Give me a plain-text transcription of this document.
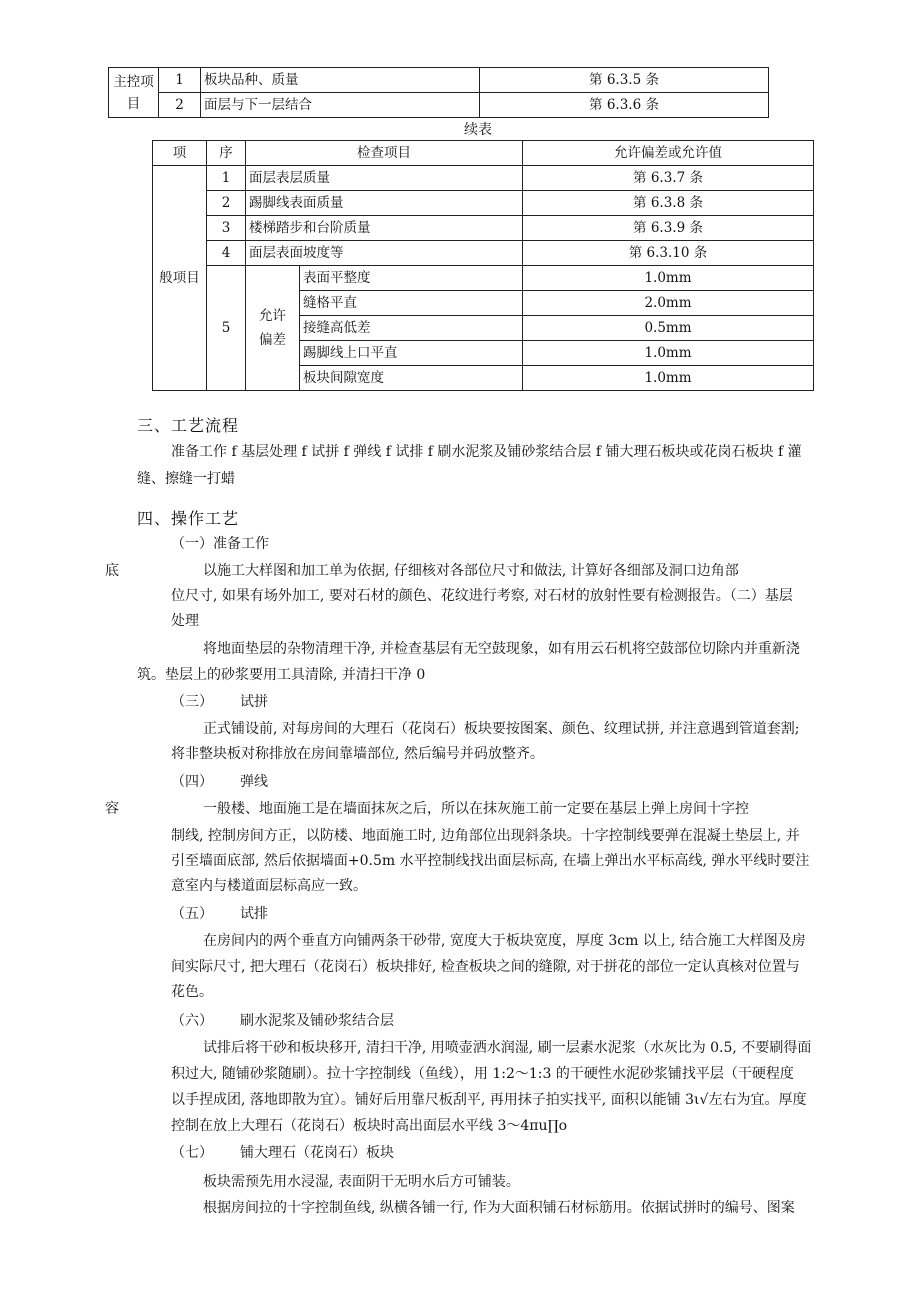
主控项目	1	板块品种、质量	第 6.3.5 条
	2	面层与下一层结合	第 6.3.6 条
续表
项	序	检查项目		允许偏差或允许值
般项目	1	面层表层质量		第 6.3.7 条
	2	踢脚线表面质量		第 6.3.8 条
	3	楼梯踏步和台阶质量		第 6.3.9 条
	4	面层表面坡度等		第 6.3.10 条
	5	允许偏差	表面平整度	1.0mm
			缝格平直	2.0mm
			接缝高低差	0.5mm
			踢脚线上口平直	1.0mm
			板块间隙宽度	1.0mm
三、工艺流程
准备工作 f 基层处理 f 试拼 f 弹线 f 试排 f 刷水泥浆及铺砂浆结合层 f 铺大理石板块或花岗石板块 f 灌
缝、擦缝一打蜡
四、操作工艺
（一）准备工作
底	以施工大样图和加工单为依据, 仔细核对各部位尺寸和做法, 计算好各细部及洞口边角部
位尺寸, 如果有场外加工, 要对石材的颜色、花纹进行考察, 对石材的放射性要有检测报告。（二）基层
处理
将地面垫层的杂物清理干净, 并检查基层有无空鼓现象，如有用云石机将空鼓部位切除内并重新浇
筑。垫层上的砂浆要用工具清除, 并清扫干净 0
（三） 试拼
正式铺设前, 对每房间的大理石（花岗石）板块要按图案、颜色、纹理试拼, 并注意遇到管道套割;
将非整块板对称排放在房间靠墙部位, 然后编号并码放整齐。
（四） 弹线
容	一般楼、地面施工是在墙面抹灰之后，所以在抹灰施工前一定要在基层上弹上房间十字控
制线, 控制房间方正，以防楼、地面施工时, 边角部位出现斜条块。十字控制线要弹在混凝土垫层上, 并
引至墙面底部, 然后依据墙面+0.5m 水平控制线找出面层标高, 在墙上弹出水平标高线, 弹水平线时要注
意室内与楼道面层标高应一致。
（五） 试排
在房间内的两个垂直方向铺两条干砂带, 宽度大于板块宽度，厚度 3cm 以上, 结合施工大样图及房
间实际尺寸, 把大理石（花岗石）板块排好, 检查板块之间的缝隙, 对于拼花的部位一定认真核对位置与
花色。
（六） 刷水泥浆及铺砂浆结合层
试排后将干砂和板块移开, 清扫干净, 用喷壶洒水润湿, 刷一层素水泥浆（水灰比为 0.5, 不要刷得面
积过大, 随铺砂浆随刷）。拉十字控制线（鱼线），用 1:2～1:3 的干硬性水泥砂浆铺找平层（干硬程度
以手捏成团, 落地即散为宜）。铺好后用靠尺板刮平, 再用抹子拍实找平, 面积以能铺 3ι√左右为宜。厚度
控制在放上大理石（花岗石）板块时高出面层水平线 3～4πu∏o
（七） 铺大理石（花岗石）板块
板块需预先用水浸湿, 表面阴干无明水后方可铺装。
根据房间拉的十字控制鱼线, 纵横各铺一行, 作为大面积铺石材标筋用。依据试拼时的编号、图案
